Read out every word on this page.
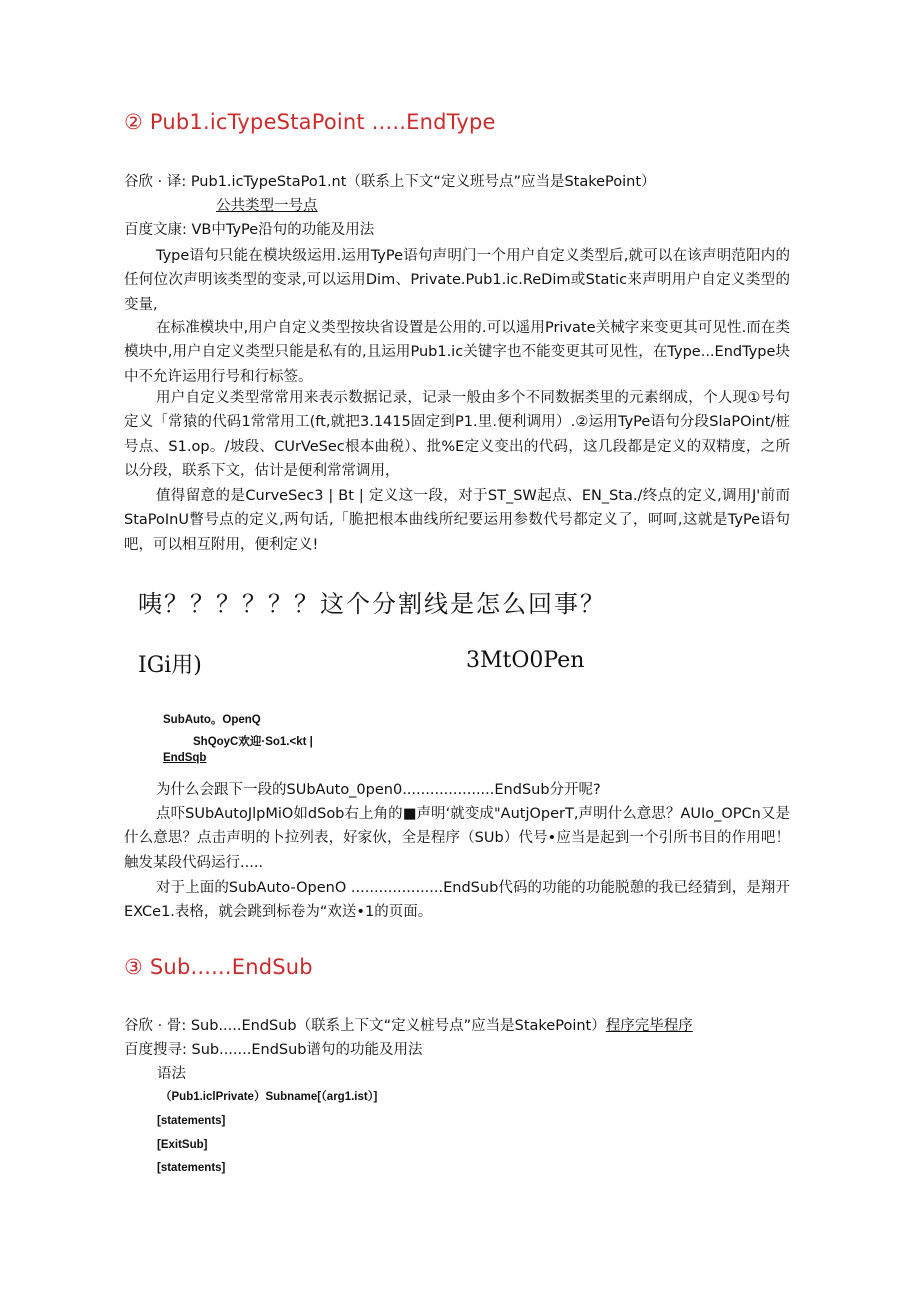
② Pub1.icTypeStaPoint .....EndType
谷欣 · 译: Pub1.icTypeStaPo1.nt（联系上下文“定义班号点”应当是StakePoint）
公共类型一号点
百度文康: VB中TyPe沿句的功能及用法
Type语句只能在模块级运用.运用TyPe语句声明门一个用户自定义类型后,就可以在该声明范阳内的任何位次声明该类型的变录,可以运用Dim、Private.Pub1.ic.ReDim或Static来声明用户自定义类型的变量,
在标准模块中,用户自定义类型按块省设置是公用的.可以遥用Private关械字来变更其可见性.而在类模块中,用户自定义类型只能是私有的,且运用Pub1.ic关键字也不能变更其可见性，在Type...EndType块中不允许运用行号和行标签。
用户自定义类型常常用来表示数据记录，记录一般由多个不同数据类里的元素纲成，个人现①号句定义「常猿的代码1常常用工(ft,就把3.1415固定到P1.里.便利调用）.②运用TyPe语句分段SlaPOint/桩号点、S1.op。/坡段、CUrVeSec根本曲税）、批%E定义变出的代码，这几段都是定义的双精度，之所以分段，联系下文，估计是便利常常调用，
值得留意的是CurveSec3 | Bt | 定义这一段，对于ST_SW起点、EN_Sta./终点的定义,调用J'前而StaPoInU瞥号点的定义,两句话,「脆把根本曲线所纪要运用参数代号都定义了，呵呵,这就是TyPe语句吧，可以相互附用，便利定义!
咦？？？？？？这个分割线是怎么回事？
IGi用)	3MtO0Pen
SubAuto。OpenQ
ShQoyC欢迎·So1.<kt |
EndSqb
为什么会跟下一段的SUbAuto_0pen0....................EndSub分开呢?
点吓SUbAutoJlpMiO如dSob右上角的■声明‘就变成"AutjOperT,声明什么意思？AUIo_OPCn又是什么意思？点击声明的卜拉列表，好家伙，全是程序（SUb）代号•应当是起到一个引所书目的作用吧！触发某段代码运行.....
对于上面的SubAuto-OpenO ....................EndSub代码的功能的功能脱憩的我已经猜到，是翔开EXCe1.表格，就会跳到标卷为“欢送•1的页面。
③ Sub......EndSub
谷欣 · 骨: Sub.....EndSub（联系上下文“定义桩号点”应当是StakePoint）程序完毕程序
百度搜寻: Sub.......EndSub谱句的功能及用法
语法
（Pub1.iclPrivate）Subname[（arg1.ist）]
[statements]
[ExitSub]
[statements]
